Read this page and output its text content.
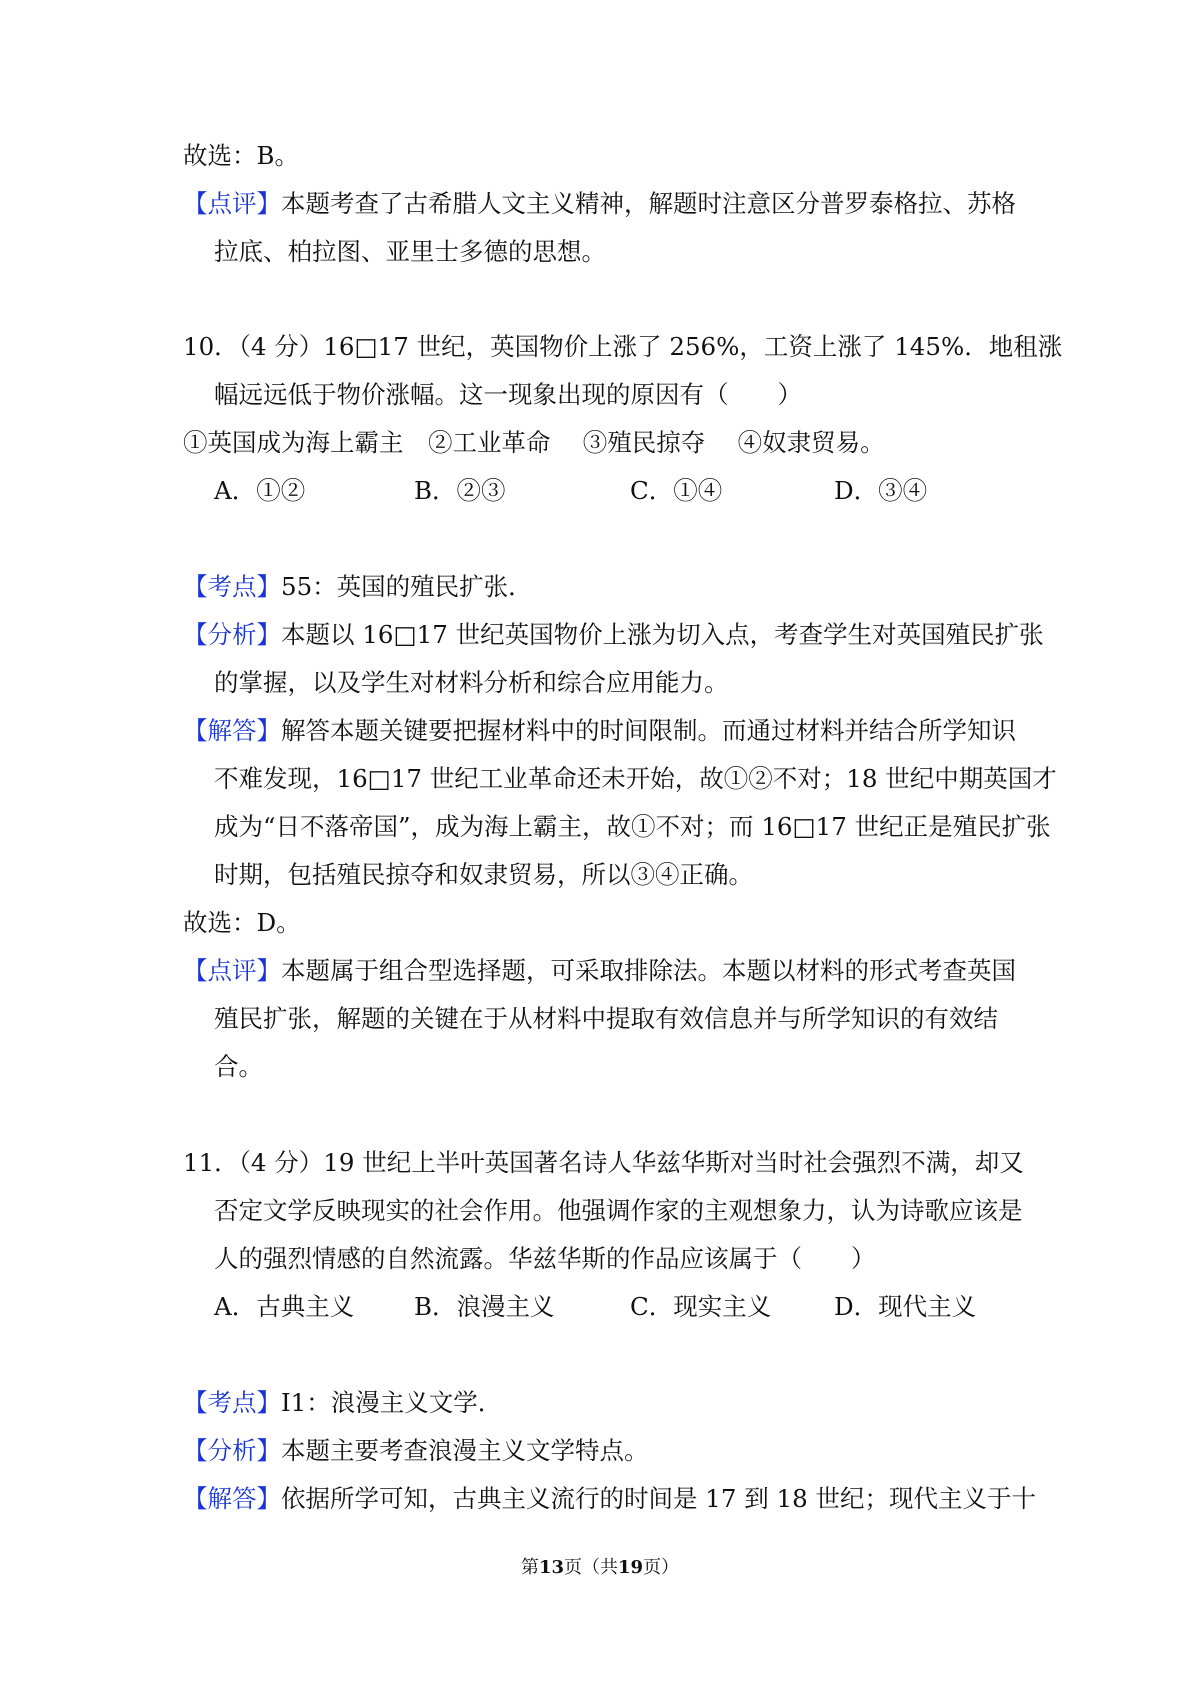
故选：B。
【点评】本题考查了古希腊人文主义精神，解题时注意区分普罗泰格拉、苏格
拉底、柏拉图、亚里士多德的思想。
10．（4 分）16□17 世纪，英国物价上涨了 256%，工资上涨了 145%．地租涨
幅远远低于物价涨幅。这一现象出现的原因有（　　）
①英国成为海上霸主　②工业革命　 ③殖民掠夺　 ④奴隶贸易。
A．①②	B．②③	C．①④	D．③④
【考点】55：英国的殖民扩张．
【分析】本题以 16□17 世纪英国物价上涨为切入点，考查学生对英国殖民扩张
的掌握，以及学生对材料分析和综合应用能力。
【解答】解答本题关键要把握材料中的时间限制。而通过材料并结合所学知识
不难发现，16□17 世纪工业革命还未开始，故①②不对；18 世纪中期英国才
成为“日不落帝国”，成为海上霸主，故①不对；而 16□17 世纪正是殖民扩张
时期，包括殖民掠夺和奴隶贸易，所以③④正确。
故选：D。
【点评】本题属于组合型选择题，可采取排除法。本题以材料的形式考查英国
殖民扩张，解题的关键在于从材料中提取有效信息并与所学知识的有效结
合。
11．（4 分）19 世纪上半叶英国著名诗人华兹华斯对当时社会强烈不满，却又
否定文学反映现实的社会作用。他强调作家的主观想象力，认为诗歌应该是
人的强烈情感的自然流露。华兹华斯的作品应该属于（　　）
A．古典主义 B．浪漫主义	C．现实主义	D．现代主义
【考点】I1：浪漫主义文学．
【分析】本题主要考查浪漫主义文学特点。
【解答】依据所学可知，古典主义流行的时间是 17 到 18 世纪；现代主义于十
第13页（共19页）
